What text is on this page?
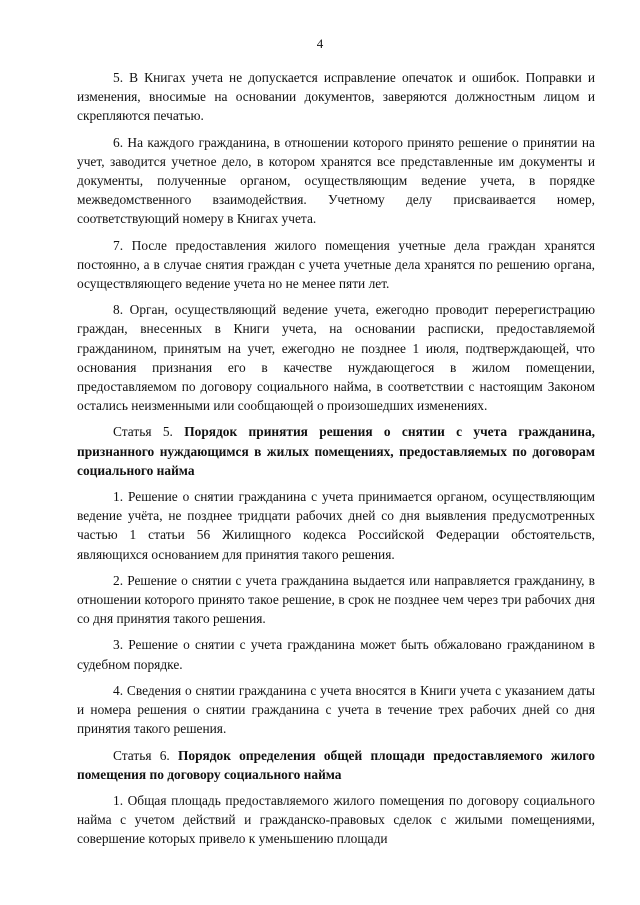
4

5. В Книгах учета не допускается исправление опечаток и ошибок. Поправки и изменения, вносимые на основании документов, заверяются должностным лицом и скрепляются печатью.

6. На каждого гражданина, в отношении которого принято решение о принятии на учет, заводится учетное дело, в котором хранятся все представленные им документы и документы, полученные органом, осуществляющим ведение учета, в порядке межведомственного взаимодействия. Учетному делу присваивается номер, соответствующий номеру в Книгах учета.

7. После предоставления жилого помещения учетные дела граждан хранятся постоянно, а в случае снятия граждан с учета учетные дела хранятся по решению органа, осуществляющего ведение учета но не менее пяти лет.

8. Орган, осуществляющий ведение учета, ежегодно проводит перерегистрацию граждан, внесенных в Книги учета, на основании расписки, предоставляемой гражданином, принятым на учет, ежегодно не позднее 1 июля, подтверждающей, что основания признания его в качестве нуждающегося в жилом помещении, предоставляемом по договору социального найма, в соответствии с настоящим Законом остались неизменными или сообщающей о произошедших изменениях.

Статья 5. Порядок принятия решения о снятии с учета гражданина, признанного нуждающимся в жилых помещениях, предоставляемых по договорам социального найма

1. Решение о снятии гражданина с учета принимается органом, осуществляющим ведение учёта, не позднее тридцати рабочих дней со дня выявления предусмотренных частью 1 статьи 56 Жилищного кодекса Российской Федерации обстоятельств, являющихся основанием для принятия такого решения.

2. Решение о снятии с учета гражданина выдается или направляется гражданину, в отношении которого принято такое решение, в срок не позднее чем через три рабочих дня со дня принятия такого решения.

3. Решение о снятии с учета гражданина может быть обжаловано гражданином в судебном порядке.

4. Сведения о снятии гражданина с учета вносятся в Книги учета с указанием даты и номера решения о снятии гражданина с учета в течение трех рабочих дней со дня принятия такого решения.

Статья 6. Порядок определения общей площади предоставляемого жилого помещения по договору социального найма

1. Общая площадь предоставляемого жилого помещения по договору социального найма с учетом действий и гражданско-правовых сделок с жилыми помещениями, совершение которых привело к уменьшению площади
